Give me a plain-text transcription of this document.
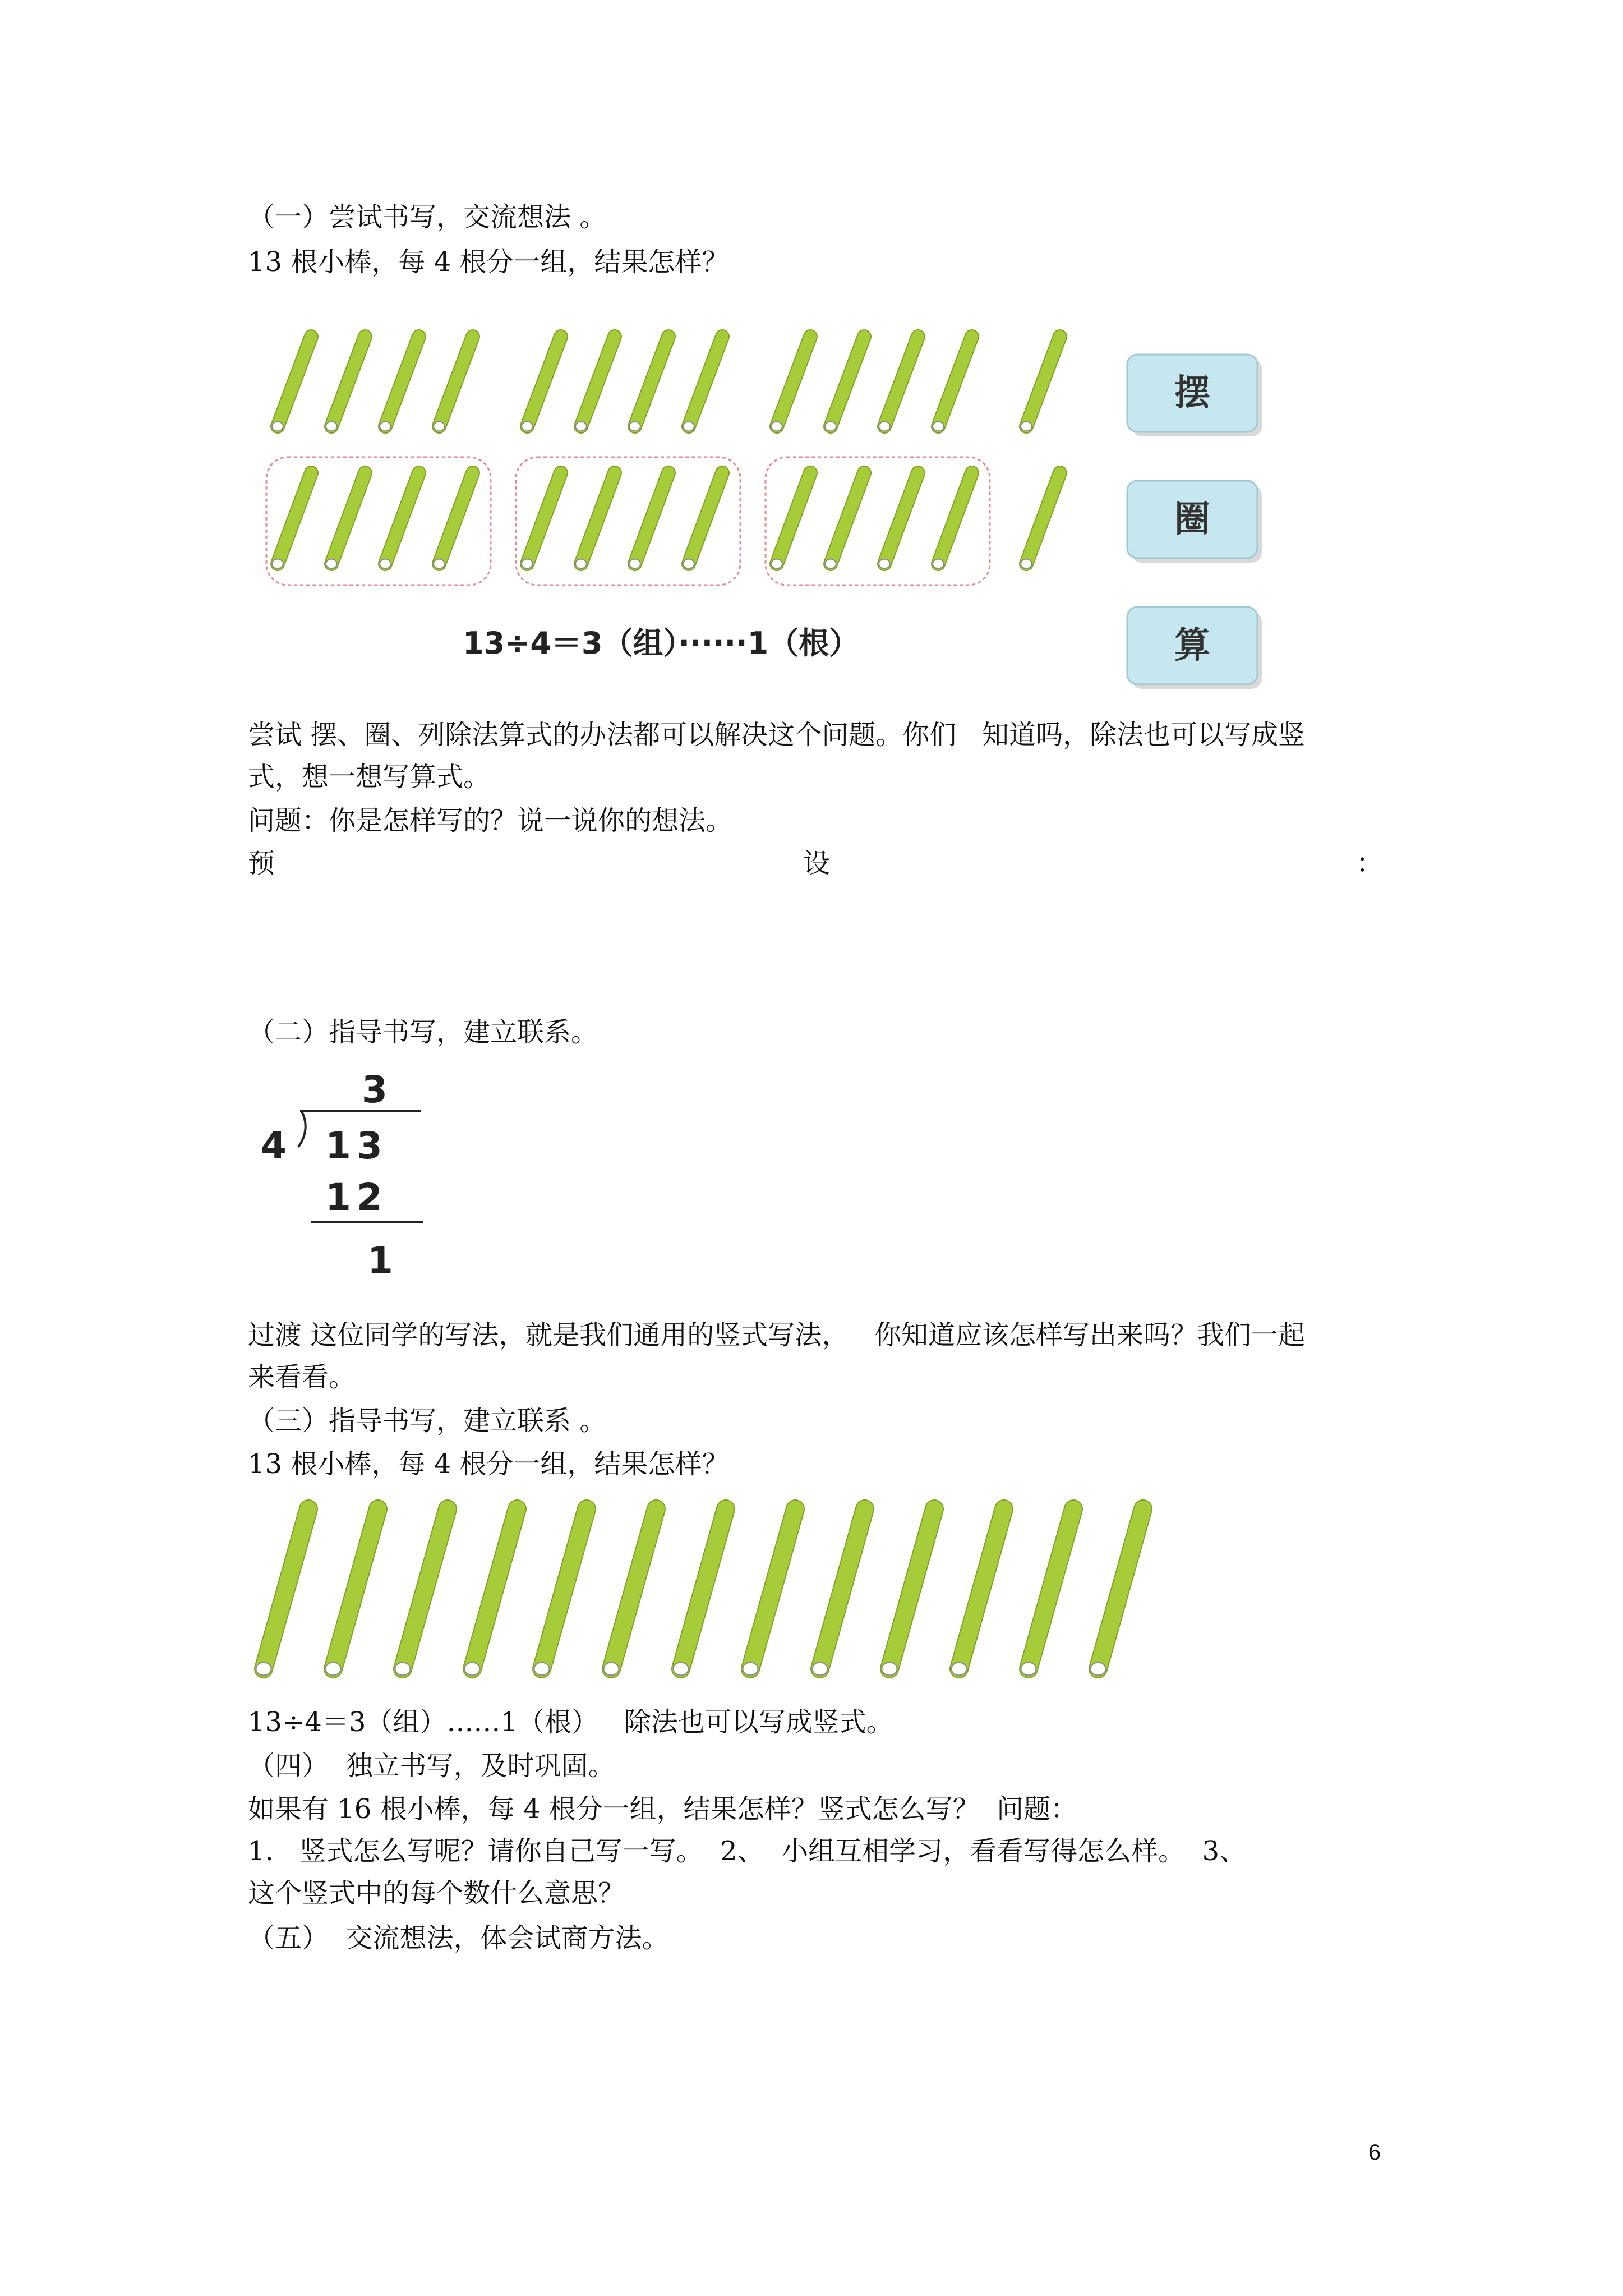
（一）尝试书写，交流想法 。
13 根小棒，每 4 根分一组，结果怎样？
摆
圈
算
13÷4＝3（组）······1（根）
尝试 摆、圈、列除法算式的办法都可以解决这个问题。你们   知道吗，除法也可以写成竖
式，想一想写算式。
问题：你是怎样写的？说一说你的想法。
预	设	：
（二）指导书写，建立联系。
3
4 13
12
1
过渡 这位同学的写法，就是我们通用的竖式写法，   你知道应该怎样写出来吗？我们一起
来看看。
（三）指导书写，建立联系 。
13 根小棒，每 4 根分一组，结果怎样？
13÷4＝3（组）……1（根）   除法也可以写成竖式。
（四）  独立书写，及时巩固。
如果有 16 根小棒，每 4 根分一组，结果怎样？竖式怎么写？  问题：
1.   竖式怎么写呢？请你自己写一写。  2、  小组互相学习，看看写得怎么样。  3、
这个竖式中的每个数什么意思？
（五）  交流想法，体会试商方法。
6
